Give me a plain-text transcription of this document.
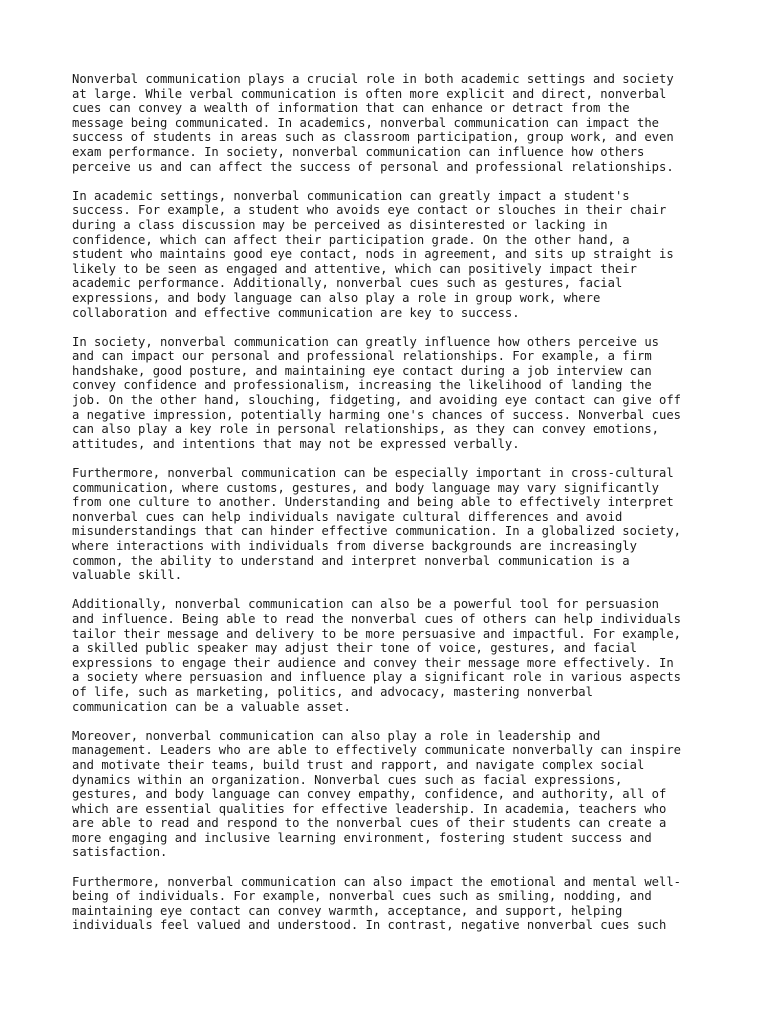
Nonverbal communication plays a crucial role in both academic settings and society
at large. While verbal communication is often more explicit and direct, nonverbal
cues can convey a wealth of information that can enhance or detract from the
message being communicated. In academics, nonverbal communication can impact the
success of students in areas such as classroom participation, group work, and even
exam performance. In society, nonverbal communication can influence how others
perceive us and can affect the success of personal and professional relationships.

In academic settings, nonverbal communication can greatly impact a student's
success. For example, a student who avoids eye contact or slouches in their chair
during a class discussion may be perceived as disinterested or lacking in
confidence, which can affect their participation grade. On the other hand, a
student who maintains good eye contact, nods in agreement, and sits up straight is
likely to be seen as engaged and attentive, which can positively impact their
academic performance. Additionally, nonverbal cues such as gestures, facial
expressions, and body language can also play a role in group work, where
collaboration and effective communication are key to success.

In society, nonverbal communication can greatly influence how others perceive us
and can impact our personal and professional relationships. For example, a firm
handshake, good posture, and maintaining eye contact during a job interview can
convey confidence and professionalism, increasing the likelihood of landing the
job. On the other hand, slouching, fidgeting, and avoiding eye contact can give off
a negative impression, potentially harming one's chances of success. Nonverbal cues
can also play a key role in personal relationships, as they can convey emotions,
attitudes, and intentions that may not be expressed verbally.

Furthermore, nonverbal communication can be especially important in cross-cultural
communication, where customs, gestures, and body language may vary significantly
from one culture to another. Understanding and being able to effectively interpret
nonverbal cues can help individuals navigate cultural differences and avoid
misunderstandings that can hinder effective communication. In a globalized society,
where interactions with individuals from diverse backgrounds are increasingly
common, the ability to understand and interpret nonverbal communication is a
valuable skill.

Additionally, nonverbal communication can also be a powerful tool for persuasion
and influence. Being able to read the nonverbal cues of others can help individuals
tailor their message and delivery to be more persuasive and impactful. For example,
a skilled public speaker may adjust their tone of voice, gestures, and facial
expressions to engage their audience and convey their message more effectively. In
a society where persuasion and influence play a significant role in various aspects
of life, such as marketing, politics, and advocacy, mastering nonverbal
communication can be a valuable asset.

Moreover, nonverbal communication can also play a role in leadership and
management. Leaders who are able to effectively communicate nonverbally can inspire
and motivate their teams, build trust and rapport, and navigate complex social
dynamics within an organization. Nonverbal cues such as facial expressions,
gestures, and body language can convey empathy, confidence, and authority, all of
which are essential qualities for effective leadership. In academia, teachers who
are able to read and respond to the nonverbal cues of their students can create a
more engaging and inclusive learning environment, fostering student success and
satisfaction.

Furthermore, nonverbal communication can also impact the emotional and mental well-
being of individuals. For example, nonverbal cues such as smiling, nodding, and
maintaining eye contact can convey warmth, acceptance, and support, helping
individuals feel valued and understood. In contrast, negative nonverbal cues such
